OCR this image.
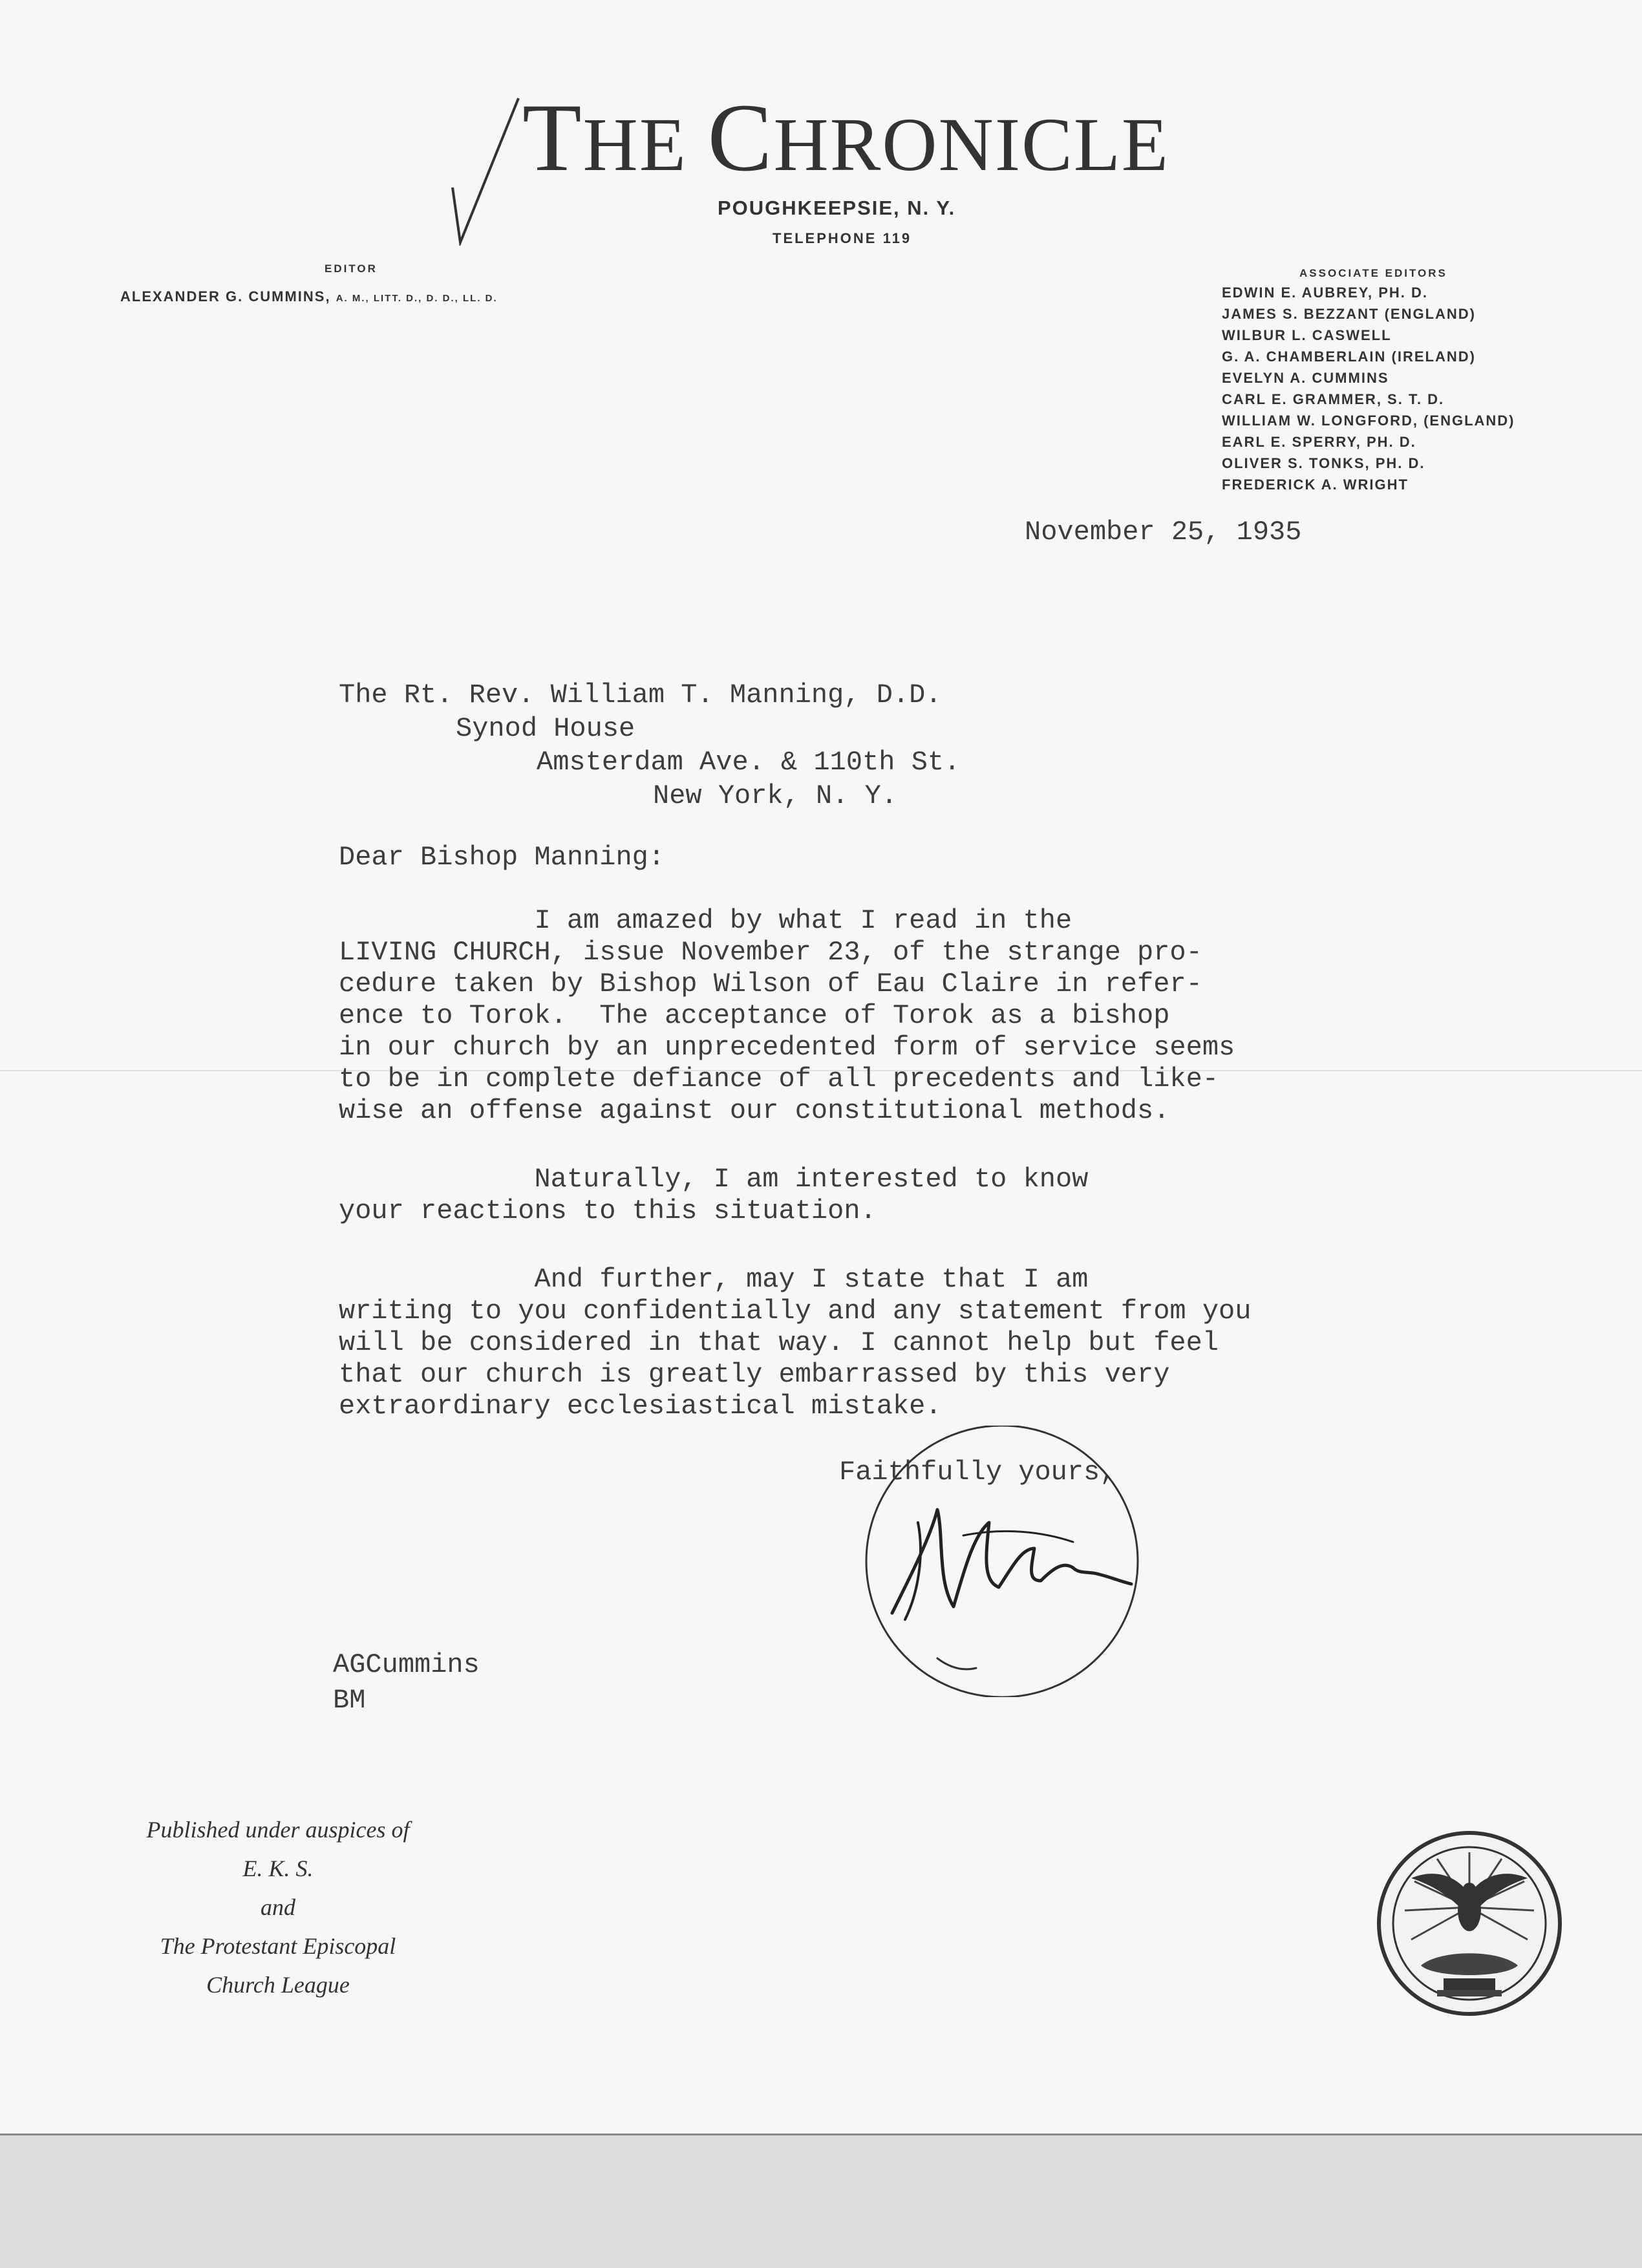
THE CHRONICLE
POUGHKEEPSIE, N. Y.
TELEPHONE 119
EDITOR
ALEXANDER G. CUMMINS, A. M., LITT. D., D. D., LL. D.
ASSOCIATE EDITORS
EDWIN E. AUBREY, PH. D.
JAMES S. BEZZANT (ENGLAND)
WILBUR L. CASWELL
G. A. CHAMBERLAIN (IRELAND)
EVELYN A. CUMMINS
CARL E. GRAMMER, S. T. D.
WILLIAM W. LONGFORD, (ENGLAND)
EARL E. SPERRY, PH. D.
OLIVER S. TONKS, PH. D.
FREDERICK A. WRIGHT
November 25, 1935
The Rt. Rev. William T. Manning, D.D.
Synod House
Amsterdam Ave. & 110th St.
New York, N. Y.
Dear Bishop Manning:
I am amazed by what I read in the
LIVING CHURCH, issue November 23, of the strange pro-
cedure taken by Bishop Wilson of Eau Claire in refer-
ence to Torok.  The acceptance of Torok as a bishop
in our church by an unprecedented form of service seems
to be in complete defiance of all precedents and like-
wise an offense against our constitutional methods.
Naturally, I am interested to know
your reactions to this situation.
And further, may I state that I am
writing to you confidentially and any statement from you
will be considered in that way. I cannot help but feel
that our church is greatly embarrassed by this very
extraordinary ecclesiastical mistake.
Faithfully yours,
AGCummins
BM
Published under auspices of
E. K. S.
and
The Protestant Episcopal
Church League
